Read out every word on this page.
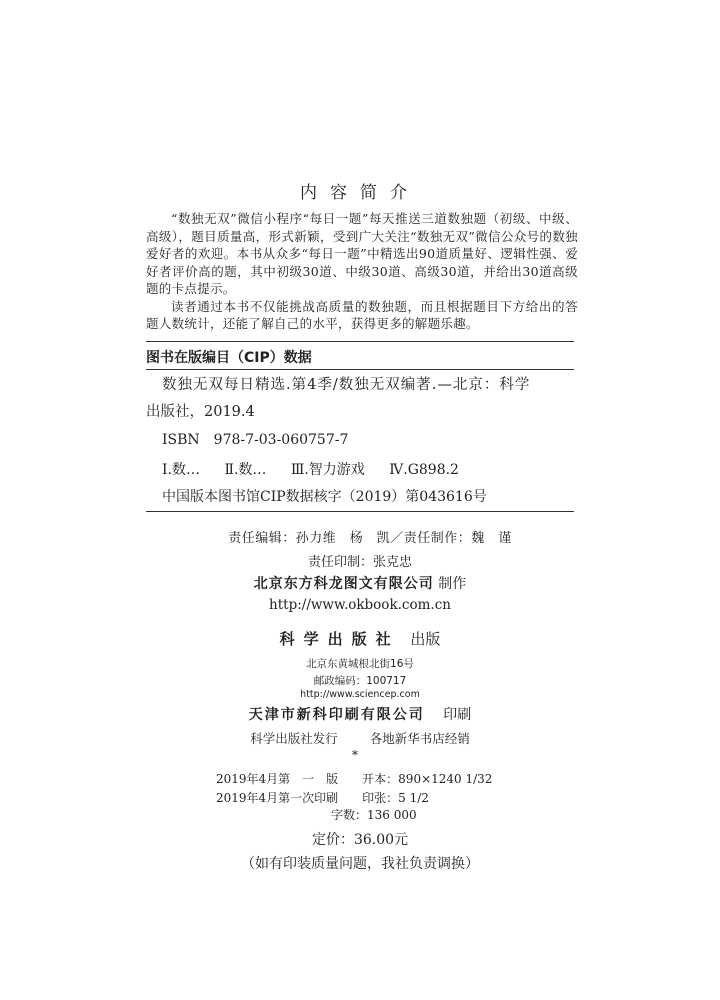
内容简介

“数独无双”微信小程序“每日一题”每天推送三道数独题（初级、中级、高级），题目质量高，形式新颖，受到广大关注“数独无双”微信公众号的数独爱好者的欢迎。本书从众多“每日一题”中精选出90道质量好、逻辑性强、爱好者评价高的题，其中初级30道、中级30道、高级30道，并给出30道高级题的卡点提示。

读者通过本书不仅能挑战高质量的数独题，而且根据题目下方给出的答题人数统计，还能了解自己的水平，获得更多的解题乐趣。

图书在版编目（CIP）数据

数独无双每日精选.第4季/数独无双编著.—北京：科学

出版社，2019.4

ISBN　978-7-03-060757-7

Ⅰ.数… Ⅱ.数… Ⅲ.智力游戏 Ⅳ.G898.2

中国版本图书馆CIP数据核字（2019）第043616号

责任编辑：孙力维　杨　凯／责任制作：魏　谨
责任印制：张克忠
北京东方科龙图文有限公司 制作
http://www.okbook.com.cn
科学出版社 出版
北京东黄城根北街16号
邮政编码：100717
http://www.sciencep.com
天津市新科印刷有限公司 印刷
科学出版社发行	各地新华书店经销
*
2019年4月第　一　版　　开本：890×1240 1/32
2019年4月第一次印刷　　印张：5 1/2
字数：136 000
定价：36.00元
（如有印装质量问题，我社负责调换）
